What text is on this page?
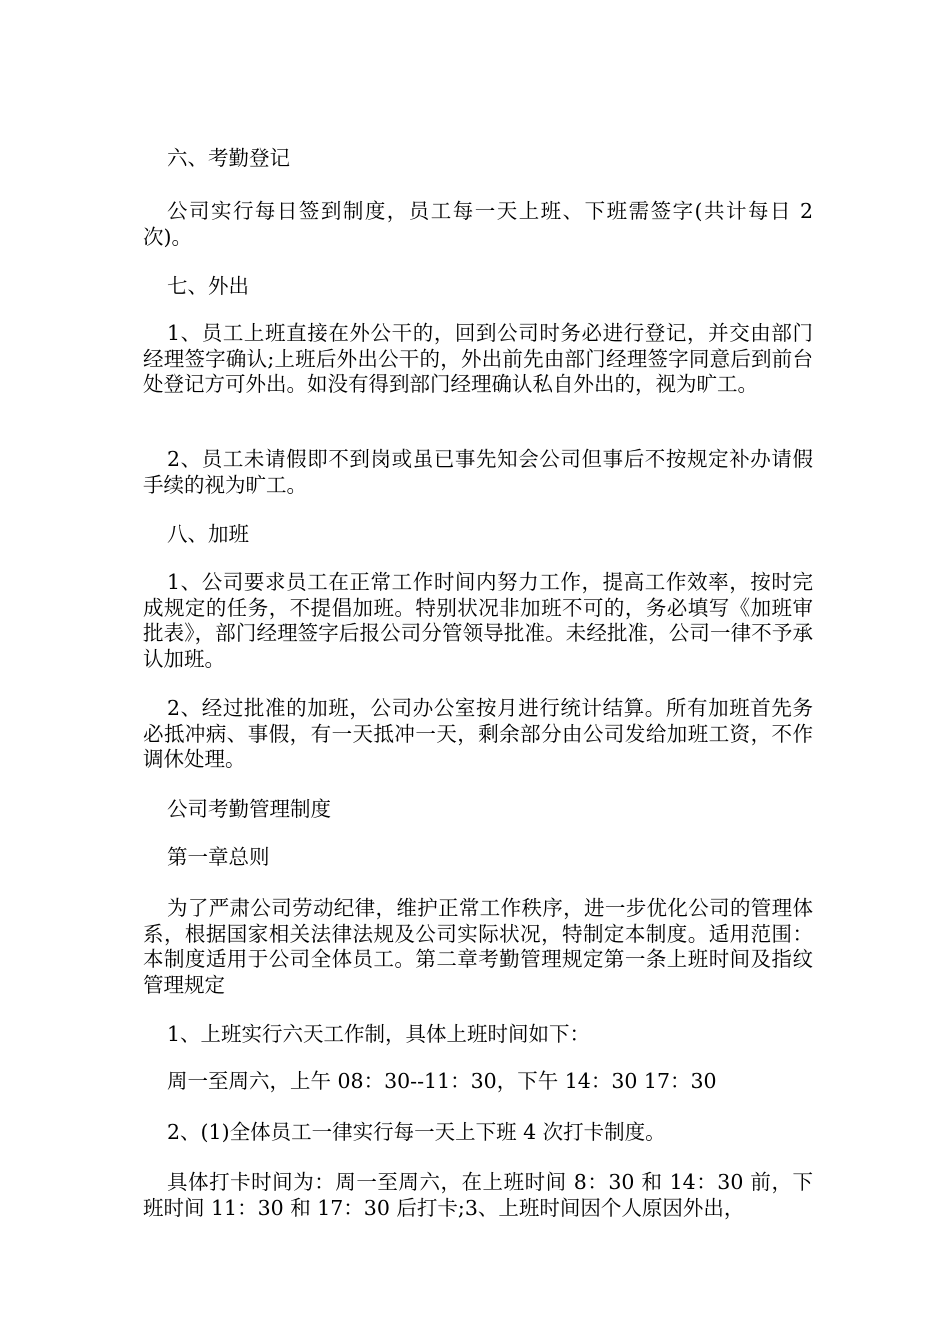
六、考勤登记
公司实行每日签到制度，员工每一天上班、下班需签字(共计每日 2 次)。
七、外出
1、员工上班直接在外公干的，回到公司时务必进行登记，并交由部门经理签字确认;上班后外出公干的，外出前先由部门经理签字同意后到前台处登记方可外出。如没有得到部门经理确认私自外出的，视为旷工。
2、员工未请假即不到岗或虽已事先知会公司但事后不按规定补办请假手续的视为旷工。
八、加班
1、公司要求员工在正常工作时间内努力工作，提高工作效率，按时完成规定的任务，不提倡加班。特别状况非加班不可的，务必填写《加班审批表》，部门经理签字后报公司分管领导批准。未经批准，公司一律不予承认加班。
2、经过批准的加班，公司办公室按月进行统计结算。所有加班首先务必抵冲病、事假，有一天抵冲一天，剩余部分由公司发给加班工资，不作调休处理。
公司考勤管理制度
第一章总则
为了严肃公司劳动纪律，维护正常工作秩序，进一步优化公司的管理体系，根据国家相关法律法规及公司实际状况，特制定本制度。适用范围：本制度适用于公司全体员工。第二章考勤管理规定第一条上班时间及指纹管理规定
1、上班实行六天工作制，具体上班时间如下：
周一至周六，上午 08：30--11：30，下午 14：30 17：30
2、(1)全体员工一律实行每一天上下班 4 次打卡制度。
具体打卡时间为：周一至周六，在上班时间 8：30 和 14：30 前，下班时间 11：30 和 17：30 后打卡;3、上班时间因个人原因外出，
